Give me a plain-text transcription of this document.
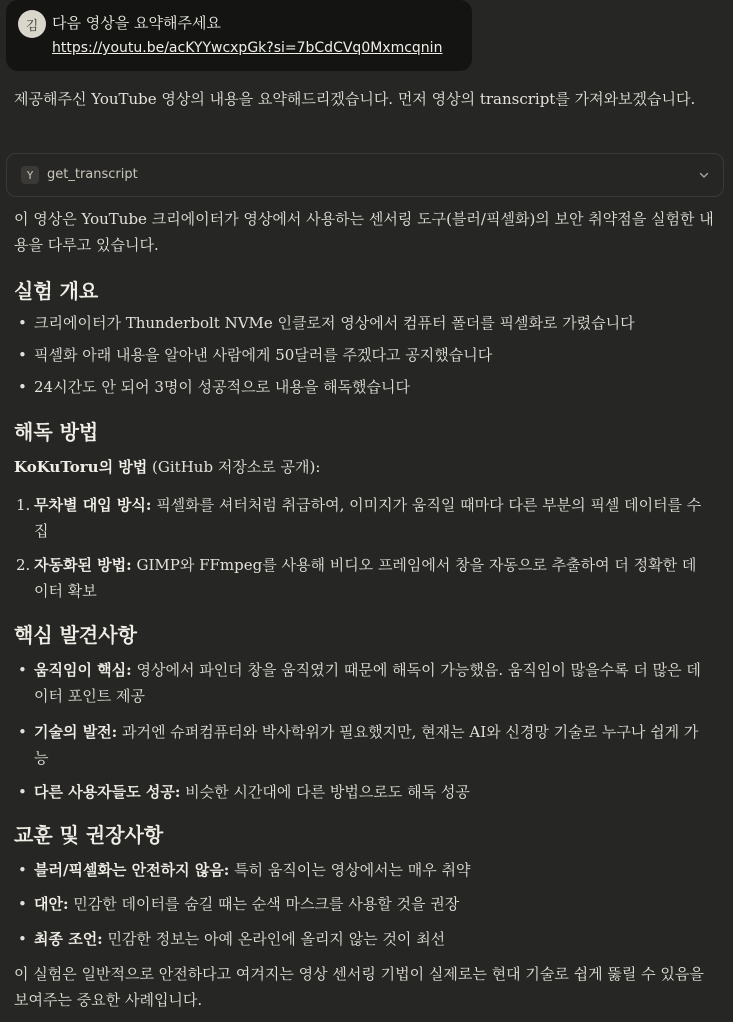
김 다음 영상을 요약해주세요
https://youtu.be/acKYYwcxpGk?si=7bCdCVq0Mxmcqnin
제공해주신 YouTube 영상의 내용을 요약해드리겠습니다. 먼저 영상의 transcript를 가져와보겠습니다.
Y	get_transcript
이 영상은 YouTube 크리에이터가 영상에서 사용하는 센서링 도구(블러/픽셀화)의 보안 취약점을 실험한 내용을 다루고 있습니다.
실험 개요
• 크리에이터가 Thunderbolt NVMe 인클로저 영상에서 컴퓨터 폴더를 픽셀화로 가렸습니다
• 픽셀화 아래 내용을 알아낸 사람에게 50달러를 주겠다고 공지했습니다
• 24시간도 안 되어 3명이 성공적으로 내용을 해독했습니다
해독 방법
KoKuToru의 방법 (GitHub 저장소로 공개):
1. 무차별 대입 방식: 픽셀화를 셔터처럼 취급하여, 이미지가 움직일 때마다 다른 부분의 픽셀 데이터를 수집
2. 자동화된 방법: GIMP와 FFmpeg를 사용해 비디오 프레임에서 창을 자동으로 추출하여 더 정확한 데이터 확보
핵심 발견사항
• 움직임이 핵심: 영상에서 파인더 창을 움직였기 때문에 해독이 가능했음. 움직임이 많을수록 더 많은 데이터 포인트 제공
• 기술의 발전: 과거엔 슈퍼컴퓨터와 박사학위가 필요했지만, 현재는 AI와 신경망 기술로 누구나 쉽게 가능
• 다른 사용자들도 성공: 비슷한 시간대에 다른 방법으로도 해독 성공
교훈 및 권장사항
• 블러/픽셀화는 안전하지 않음: 특히 움직이는 영상에서는 매우 취약
• 대안: 민감한 데이터를 숨길 때는 순색 마스크를 사용할 것을 권장
• 최종 조언: 민감한 정보는 아예 온라인에 올리지 않는 것이 최선
이 실험은 일반적으로 안전하다고 여겨지는 영상 센서링 기법이 실제로는 현대 기술로 쉽게 뚫릴 수 있음을 보여주는 중요한 사례입니다.
